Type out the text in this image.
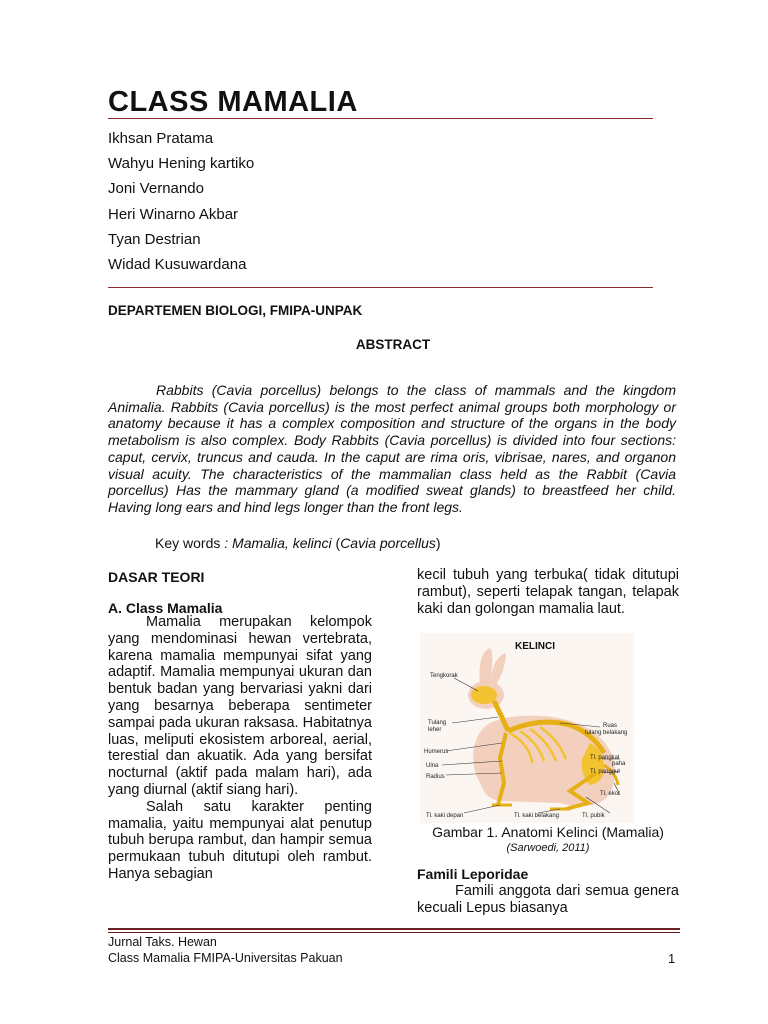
CLASS MAMALIA
Ikhsan Pratama
Wahyu Hening kartiko
Joni Vernando
Heri Winarno Akbar
Tyan Destrian
Widad Kusuwardana
DEPARTEMEN BIOLOGI, FMIPA-UNPAK
ABSTRACT

Rabbits (Cavia porcellus) belongs to the class of mammals and the kingdom Animalia. Rabbits (Cavia porcellus) is the most perfect animal groups both morphology or anatomy because it has a complex composition and structure of the organs in the body metabolism is also complex. Body Rabbits (Cavia porcellus) is divided into four sections: caput, cervix, truncus and cauda. In the caput are rima oris, vibrisae, nares, and organon visual acuity. The characteristics of the mammalian class held as the Rabbit (Cavia porcellus) Has the mammary gland (a modified sweat glands) to breastfeed her child. Having long ears and hind legs longer than the front legs.

Key words : Mamalia, kelinci (Cavia porcellus)
DASAR TEORI
A. Class Mamalia

Mamalia merupakan kelompok yang mendominasi hewan vertebrata, karena mamalia mempunyai sifat yang adaptif. Mamalia mempunyai ukuran dan bentuk badan yang bervariasi yakni dari yang besarnya beberapa sentimeter sampai pada ukuran raksasa. Habitatnya luas, meliputi ekosistem arboreal, aerial, terestial dan akuatik. Ada yang bersifat nocturnal (aktif pada malam hari), ada yang diurnal (aktif siang hari).

Salah satu karakter penting mamalia, yaitu mempunyai alat penutup tubuh berupa rambut, dan hampir semua permukaan tubuh ditutupi oleh rambut. Hanya sebagian

kecil tubuh yang terbuka( tidak ditutupi rambut), seperti telapak tangan, telapak kaki dan golongan mamalia laut.
KELINCI
Tengkorak
Tulang
leher
Humerus
Ulna
Radius
Ruas
tulang belakang
Tl. pangkal
paha
Tl. panggul
Tl. ekor
Tl. kaki depan	Tl. kaki belakang	Tl. pubik
Gambar 1. Anatomi Kelinci (Mamalia)
(Sarwoedi, 2011)
Famili Leporidae

Famili anggota dari semua genera kecuali Lepus biasanya

Jurnal Taks. Hewan
Class Mamalia FMIPA-Universitas Pakuan	1
